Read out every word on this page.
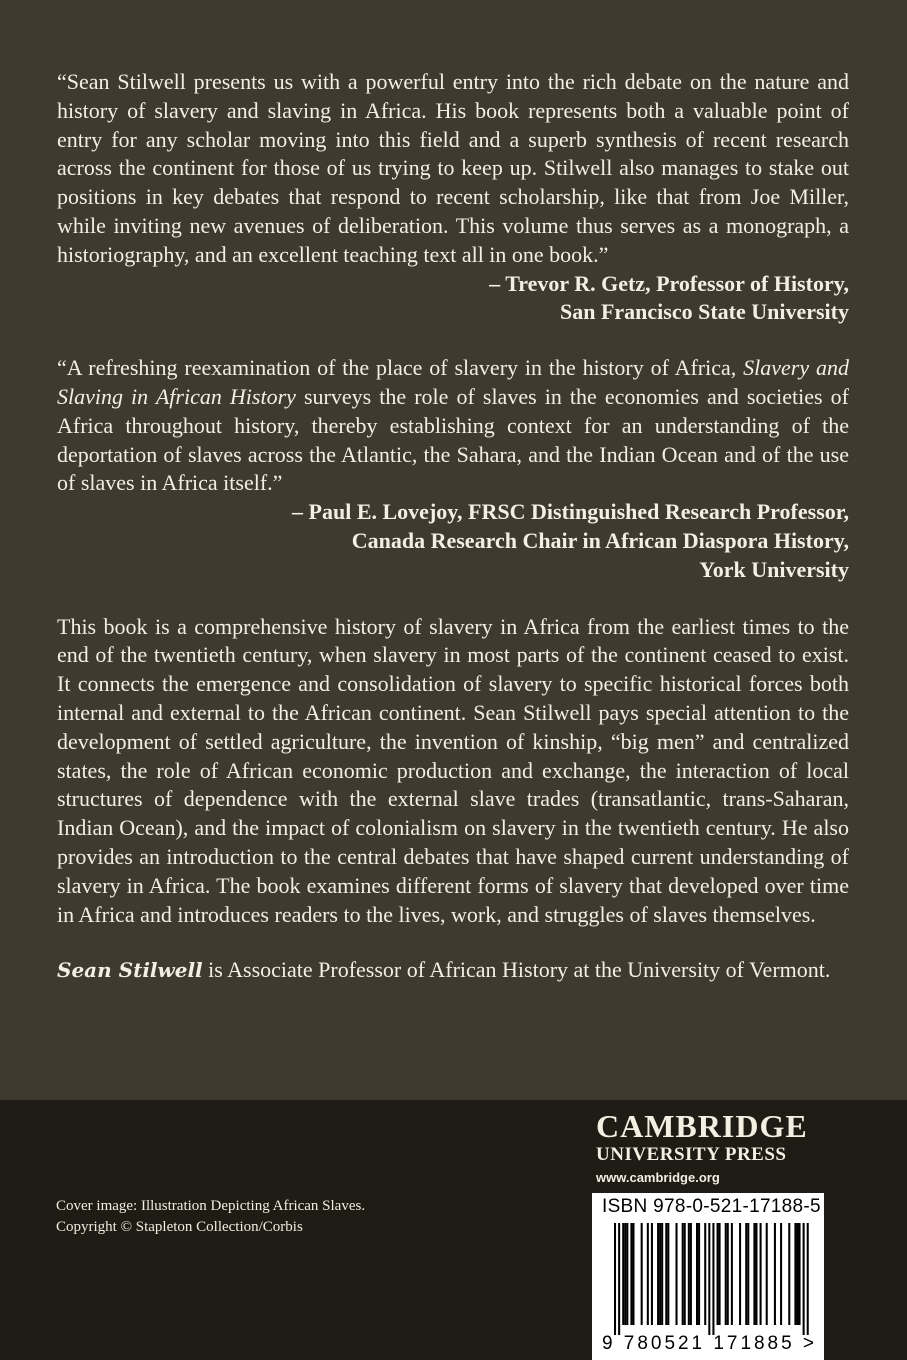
“Sean Stilwell presents us with a powerful entry into the rich debate on the nature and history of slavery and slaving in Africa. His book represents both a valuable point of entry for any scholar moving into this field and a superb synthesis of recent research across the continent for those of us trying to keep up. Stilwell also manages to stake out positions in key debates that respond to recent scholarship, like that from Joe Miller, while inviting new avenues of deliberation. This volume thus serves as a monograph, a historiography, and an excellent teaching text all in one book.”

– Trevor R. Getz, Professor of History,
San Francisco State University

“A refreshing reexamination of the place of slavery in the history of Africa, Slavery and Slaving in African History surveys the role of slaves in the economies and societies of Africa throughout history, thereby establishing context for an understanding of the deportation of slaves across the Atlantic, the Sahara, and the Indian Ocean and of the use of slaves in Africa itself.”

– Paul E. Lovejoy, FRSC Distinguished Research Professor,
Canada Research Chair in African Diaspora History,
York University

This book is a comprehensive history of slavery in Africa from the earliest times to the end of the twentieth century, when slavery in most parts of the continent ceased to exist. It connects the emergence and consolidation of slavery to specific historical forces both internal and external to the African continent. Sean Stilwell pays special attention to the development of settled agriculture, the invention of kinship, “big men” and centralized states, the role of African economic production and exchange, the interaction of local structures of dependence with the external slave trades (transatlantic, trans-Saharan, Indian Ocean), and the impact of colonialism on slavery in the twentieth century. He also provides an introduction to the central debates that have shaped current understanding of slavery in Africa. The book examines different forms of slavery that developed over time in Africa and introduces readers to the lives, work, and struggles of slaves themselves.

Sean Stilwell is Associate Professor of African History at the University of Vermont.

Cover image: Illustration Depicting African Slaves.
Copyright © Stapleton Collection/Corbis
CAMBRIDGE
UNIVERSITY PRESS
www.cambridge.org
ISBN 978-0-521-17188-5
9 780521 171885 >
